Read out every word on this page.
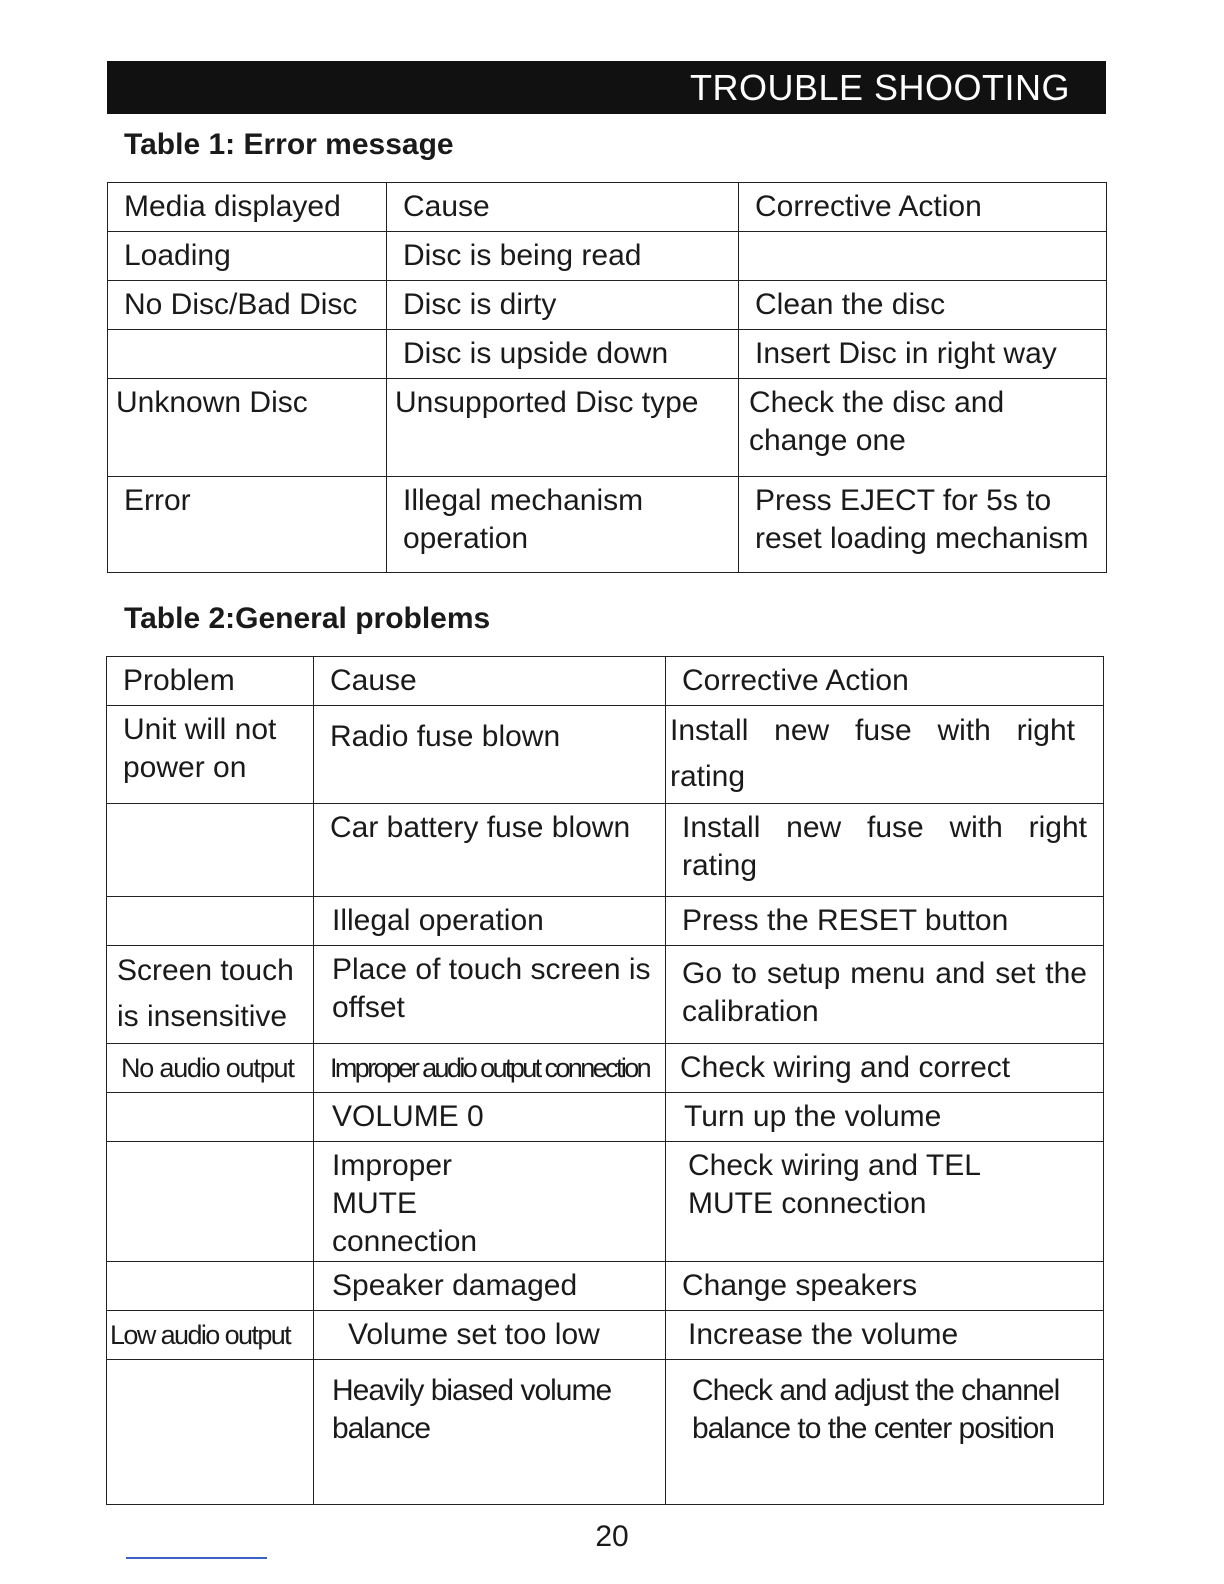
TROUBLE SHOOTING
Table 1: Error message
Media displayed	Cause	Corrective Action
Loading	Disc is being read	
No Disc/Bad Disc	Disc is dirty	Clean the disc
	Disc is upside down	Insert Disc in right way
Unknown Disc	Unsupported Disc type	Check the disc and change one
Error	Illegal mechanism operation	Press EJECT for 5s to reset loading mechanism
Table 2:General problems
Problem	Cause	Corrective Action
Unit will not power on	Radio fuse blown	Install new fuse with right rating
	Car battery fuse blown	Install new fuse with right rating
	Illegal operation	Press the RESET button
Screen touch is insensitive	Place of touch screen is offset	Go to setup menu and set the calibration
No audio output	Improper audio output connection	Check wiring and correct
	VOLUME 0	Turn up the volume
	Improper MUTE connection	Check wiring and TEL MUTE connection
	Speaker damaged	Change speakers
Low audio output	Volume set too low	Increase the volume
	Heavily biased volume balance	Check and adjust the channel balance to the center position
20
